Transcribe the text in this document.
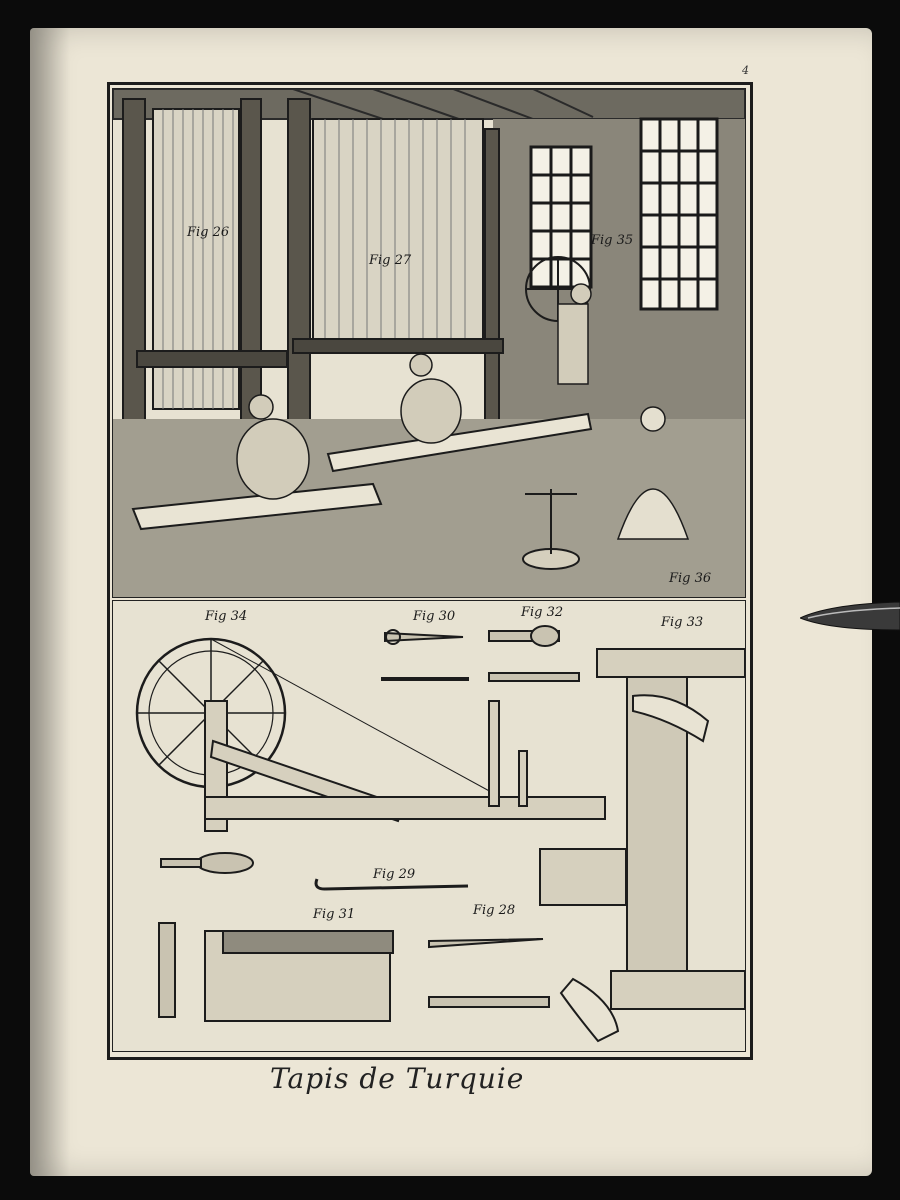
4
Fig 26
Fig 27
Fig 35
Fig 36
Fig 34	Fig 30	Fig 32
Fig 33
Fig 29
Fig 31	Fig 28
Tapis de Turquie
